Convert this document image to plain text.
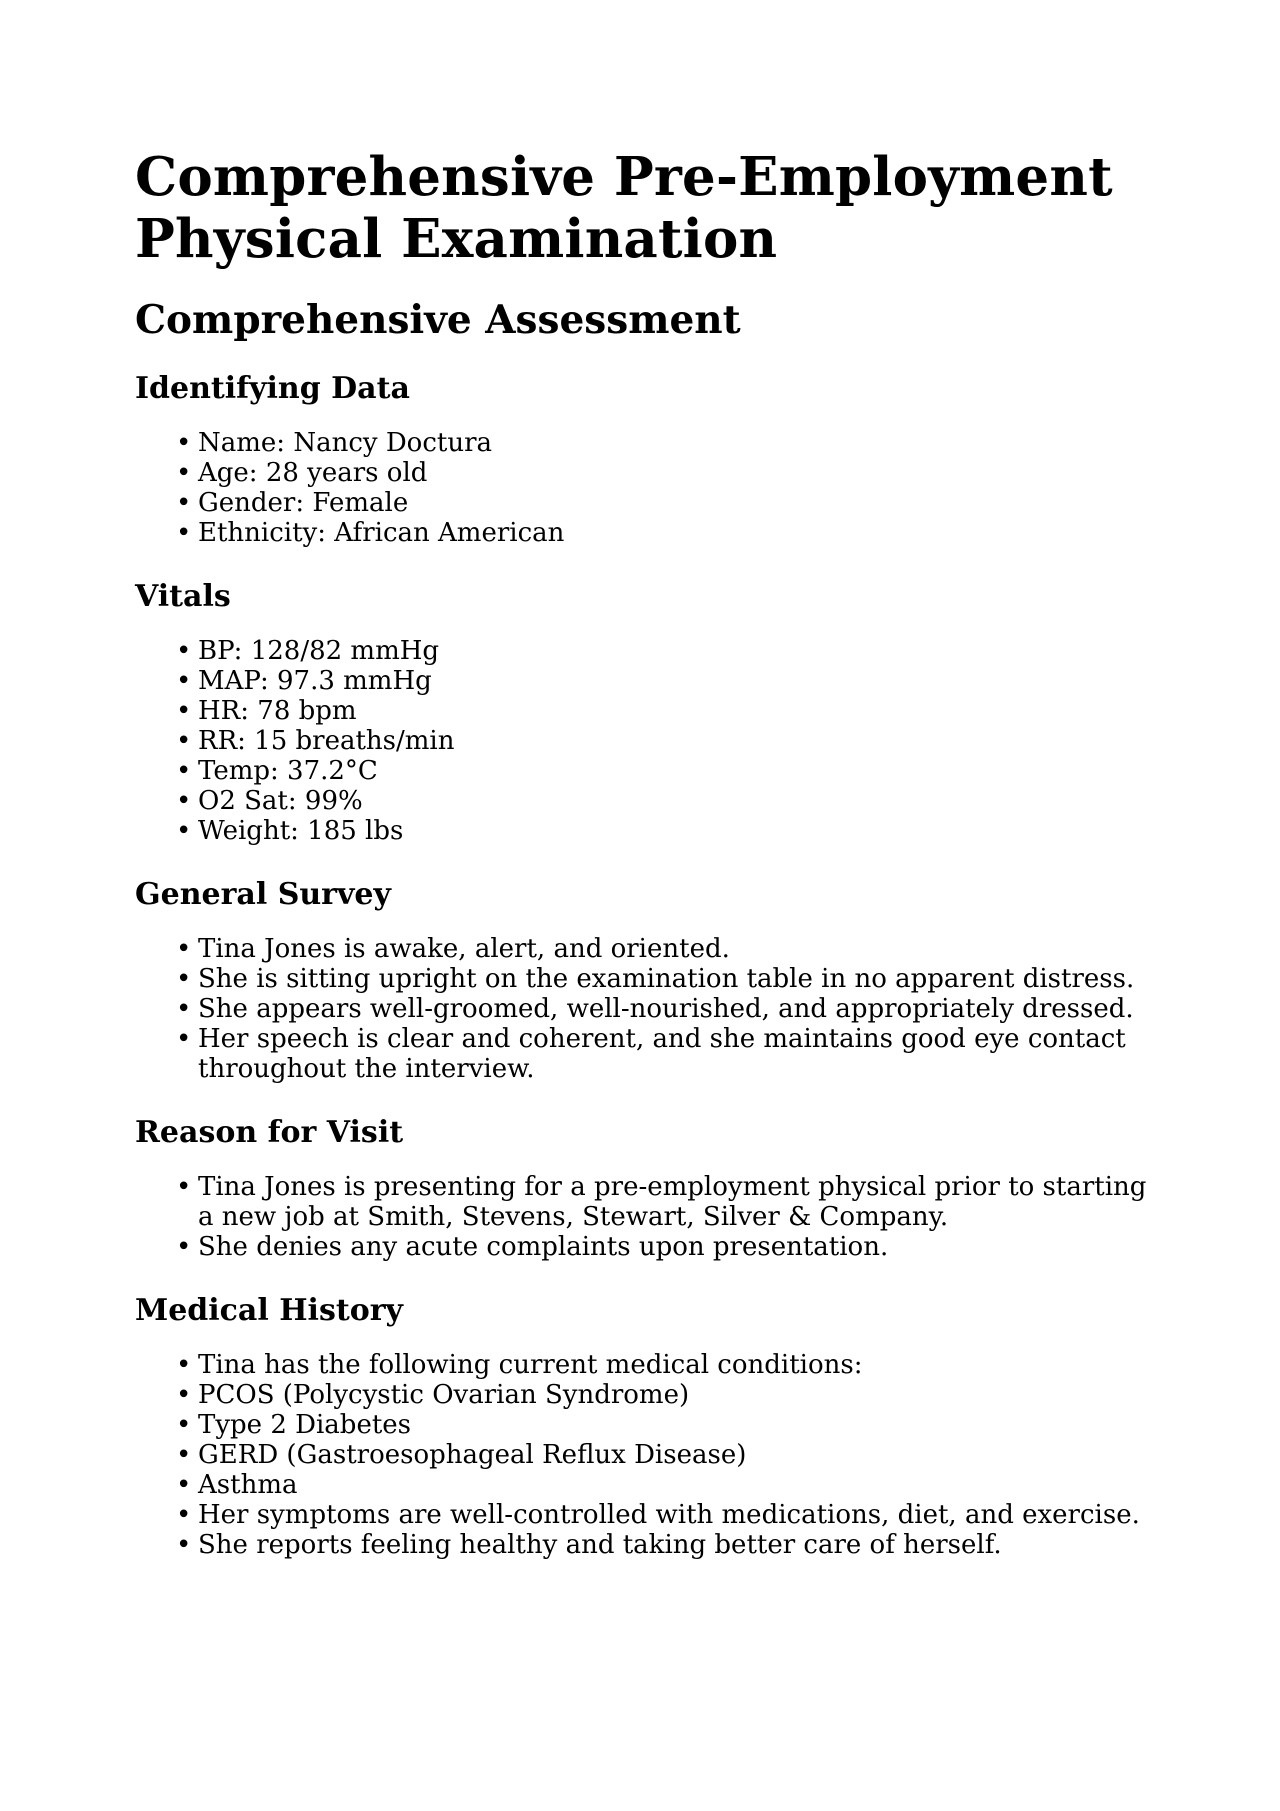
Comprehensive Pre-Employment
Physical Examination
Comprehensive Assessment
Identifying Data
• Name: Nancy Doctura
• Age: 28 years old
• Gender: Female
• Ethnicity: African American
Vitals
• BP: 128/82 mmHg
• MAP: 97.3 mmHg
• HR: 78 bpm
• RR: 15 breaths/min
• Temp: 37.2°C
• O2 Sat: 99%
• Weight: 185 lbs
General Survey
• Tina Jones is awake, alert, and oriented.
• She is sitting upright on the examination table in no apparent distress.
• She appears well-groomed, well-nourished, and appropriately dressed.
• Her speech is clear and coherent, and she maintains good eye contact throughout the interview.
Reason for Visit
• Tina Jones is presenting for a pre-employment physical prior to starting a new job at Smith, Stevens, Stewart, Silver & Company.
• She denies any acute complaints upon presentation.
Medical History
• Tina has the following current medical conditions:
• PCOS (Polycystic Ovarian Syndrome)
• Type 2 Diabetes
• GERD (Gastroesophageal Reflux Disease)
• Asthma
• Her symptoms are well-controlled with medications, diet, and exercise.
• She reports feeling healthy and taking better care of herself.
